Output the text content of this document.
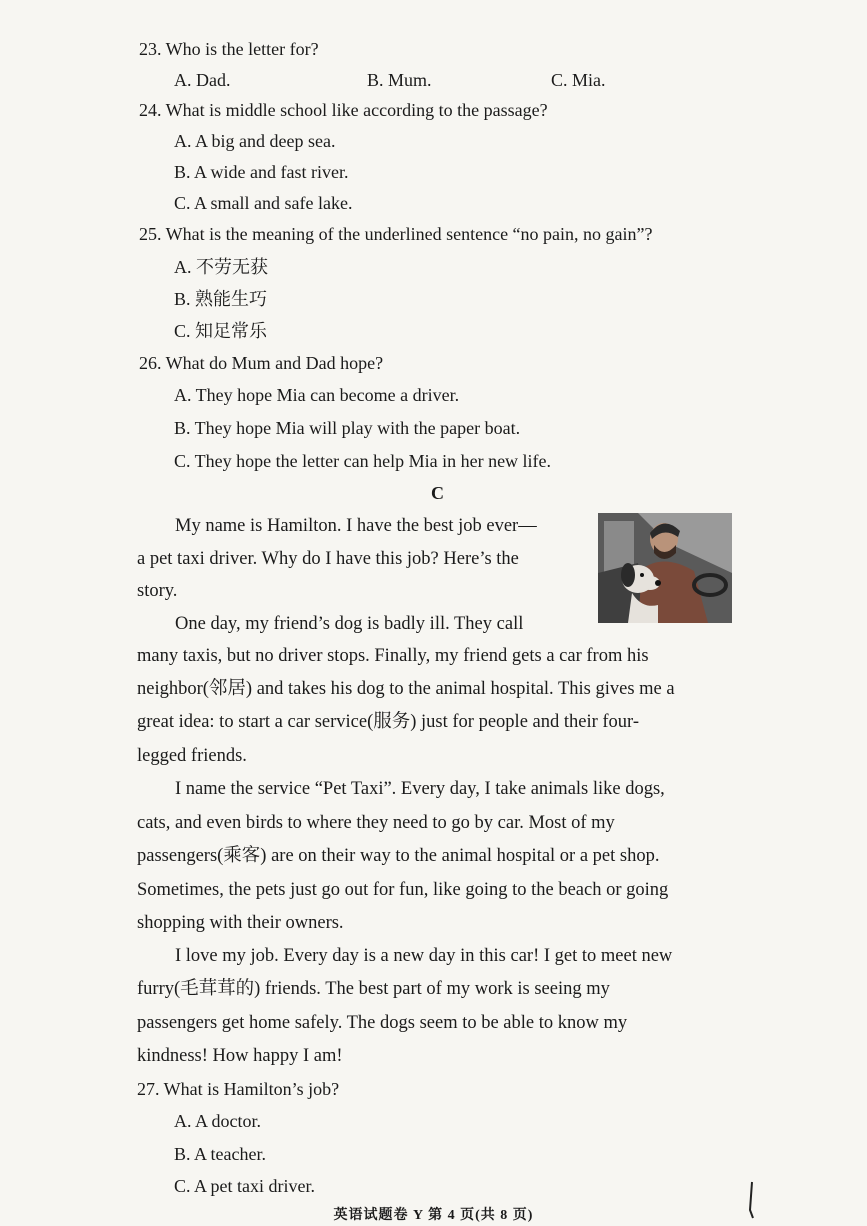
23. Who is the letter for?
A. Dad.	B. Mum.	C. Mia.
24. What is middle school like according to the passage?
A. A big and deep sea.
B. A wide and fast river.
C. A small and safe lake.
25. What is the meaning of the underlined sentence “no pain, no gain”?
A. 不劳无获
B. 熟能生巧
C. 知足常乐
26. What do Mum and Dad hope?
A. They hope Mia can become a driver.
B. They hope Mia will play with the paper boat.
C. They hope the letter can help Mia in her new life.
C
My name is Hamilton. I have the best job ever—
a pet taxi driver. Why do I have this job? Here’s the
story.
One day, my friend’s dog is badly ill. They call
many taxis, but no driver stops. Finally, my friend gets a car from his
neighbor(邻居) and takes his dog to the animal hospital. This gives me a
great idea: to start a car service(服务) just for people and their four-
legged friends.
I name the service “Pet Taxi”. Every day, I take animals like dogs,
cats, and even birds to where they need to go by car. Most of my
passengers(乘客) are on their way to the animal hospital or a pet shop.
Sometimes, the pets just go out for fun, like going to the beach or going
shopping with their owners.
I love my job. Every day is a new day in this car! I get to meet new
furry(毛茸茸的) friends. The best part of my work is seeing my
passengers get home safely. The dogs seem to be able to know my
kindness! How happy I am!
27. What is Hamilton’s job?
A. A doctor.
B. A teacher.
C. A pet taxi driver.
英语试题卷 Y 第 4 页(共 8 页)
